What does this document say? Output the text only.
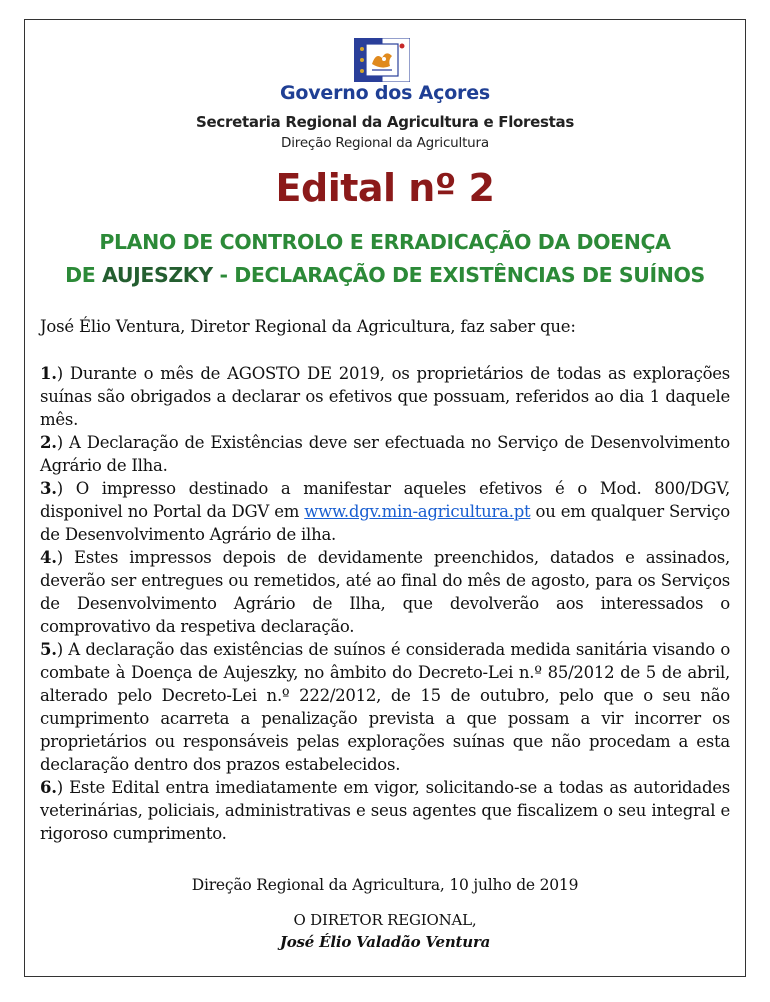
Governo dos Açores
Secretaria Regional da Agricultura e Florestas
Direção Regional da Agricultura
Edital nº 2
PLANO DE CONTROLO E ERRADICAÇÃO DA DOENÇA
DE AUJESZKY - DECLARAÇÃO DE EXISTÊNCIAS DE SUÍNOS
José Élio Ventura, Diretor Regional da Agricultura, faz saber que:

1.) Durante o mês de AGOSTO DE 2019, os proprietários de todas as explorações suínas são obrigados a declarar os efetivos que possuam, referidos ao dia 1 daquele mês.

2.) A Declaração de Existências deve ser efectuada no Serviço de Desenvolvimento Agrário de Ilha.

3.) O impresso destinado a manifestar aqueles efetivos é o Mod. 800/DGV, disponivel no Portal da DGV em www.dgv.min-agricultura.pt ou em qualquer Serviço de Desenvolvimento Agrário de ilha.

4.) Estes impressos depois de devidamente preenchidos, datados e assinados, deverão ser entregues ou remetidos, até ao final do mês de agosto, para os Serviços de Desenvolvimento Agrário de Ilha, que devolverão aos interessados o comprovativo da respetiva declaração.

5.) A declaração das existências de suínos é considerada medida sanitária visando o combate à Doença de Aujeszky, no âmbito do Decreto-Lei n.º 85/2012 de 5 de abril, alterado pelo Decreto-Lei n.º 222/2012, de 15 de outubro, pelo que o seu não cumprimento acarreta a penalização prevista a que possam a vir incorrer os proprietários ou responsáveis pelas explorações suínas que não procedam a esta declaração dentro dos prazos estabelecidos.

6.) Este Edital entra imediatamente em vigor, solicitando-se a todas as autoridades veterinárias, policiais, administrativas e seus agentes que fiscalizem o seu integral e rigoroso cumprimento.

Direção Regional da Agricultura, 10 julho de 2019
O DIRETOR REGIONAL,
José Élio Valadão Ventura
